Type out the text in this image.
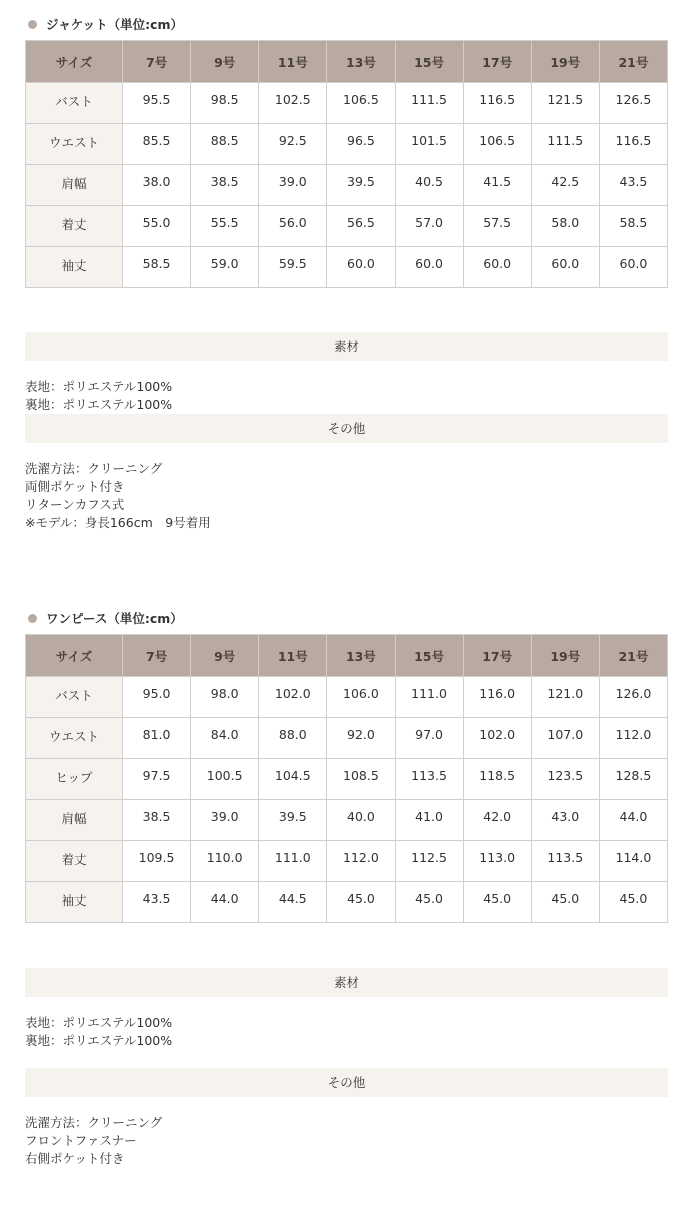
ジャケット（単位:cm）
サイズ	7号	9号	11号	13号	15号	17号	19号	21号
バスト	95.5	98.5	102.5	106.5	111.5	116.5	121.5	126.5
ウエスト	85.5	88.5	92.5	96.5	101.5	106.5	111.5	116.5
肩幅	38.0	38.5	39.0	39.5	40.5	41.5	42.5	43.5
着丈	55.0	55.5	56.0	56.5	57.0	57.5	58.0	58.5
袖丈	58.5	59.0	59.5	60.0	60.0	60.0	60.0	60.0
素材
表地：ポリエステル100%
裏地：ポリエステル100%
その他
洗濯方法：クリーニング
両側ポケット付き
リターンカフス式
※モデル：身長166cm　9号着用
ワンピース（単位:cm）
サイズ	7号	9号	11号	13号	15号	17号	19号	21号
バスト	95.0	98.0	102.0	106.0	111.0	116.0	121.0	126.0
ウエスト	81.0	84.0	88.0	92.0	97.0	102.0	107.0	112.0
ヒップ	97.5	100.5	104.5	108.5	113.5	118.5	123.5	128.5
肩幅	38.5	39.0	39.5	40.0	41.0	42.0	43.0	44.0
着丈	109.5	110.0	111.0	112.0	112.5	113.0	113.5	114.0
袖丈	43.5	44.0	44.5	45.0	45.0	45.0	45.0	45.0
素材
表地：ポリエステル100%
裏地：ポリエステル100%
その他
洗濯方法：クリーニング
フロントファスナー
右側ポケット付き
